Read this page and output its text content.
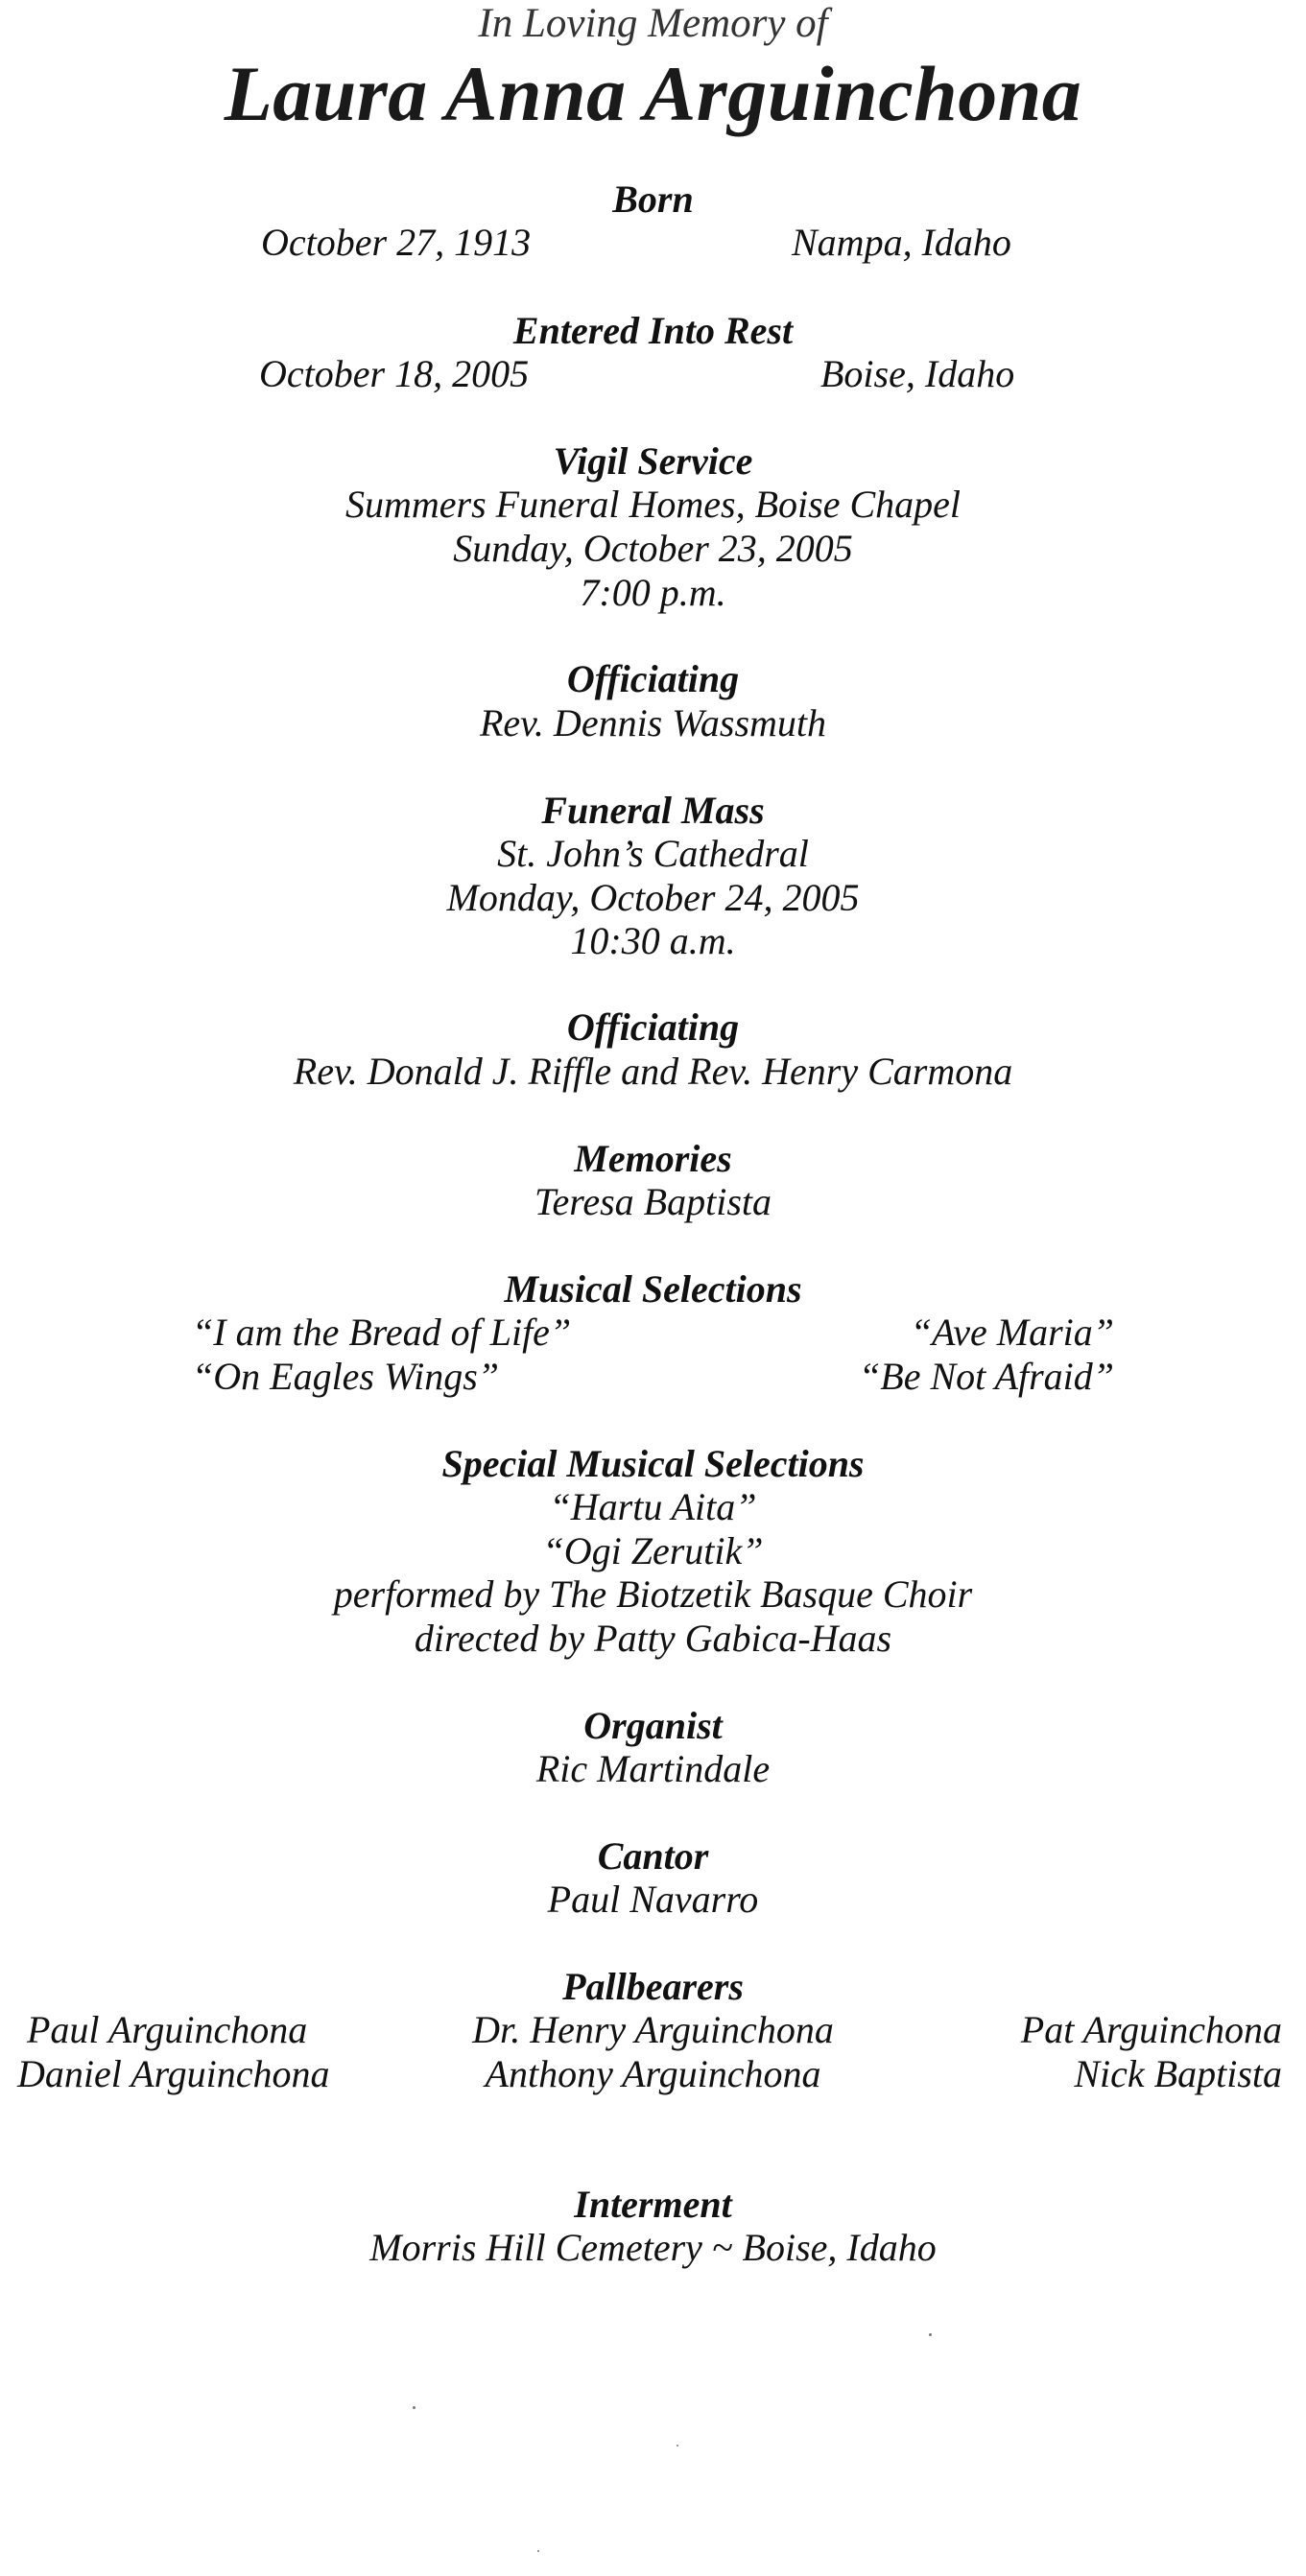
In Loving Memory of
Laura Anna Arguinchona
Born
October 27, 1913	Nampa, Idaho
Entered Into Rest
October 18, 2005	Boise, Idaho
Vigil Service
Summers Funeral Homes, Boise Chapel
Sunday, October 23, 2005
7:00 p.m.
Officiating
Rev. Dennis Wassmuth
Funeral Mass
St. John’s Cathedral
Monday, October 24, 2005
10:30 a.m.
Officiating
Rev. Donald J. Riffle and Rev. Henry Carmona
Memories
Teresa Baptista
Musical Selections
“I am the Bread of Life”
“On Eagles Wings”
“Ave Maria”
“Be Not Afraid”
Special Musical Selections
“Hartu Aita”
“Ogi Zerutik”
performed by The Biotzetik Basque Choir
directed by Patty Gabica-Haas
Organist
Ric Martindale
Cantor
Paul Navarro
Pallbearers
Paul Arguinchona
Daniel Arguinchona
Dr. Henry Arguinchona
Anthony Arguinchona
Pat Arguinchona
Nick Baptista
Interment
Morris Hill Cemetery ~ Boise, Idaho
